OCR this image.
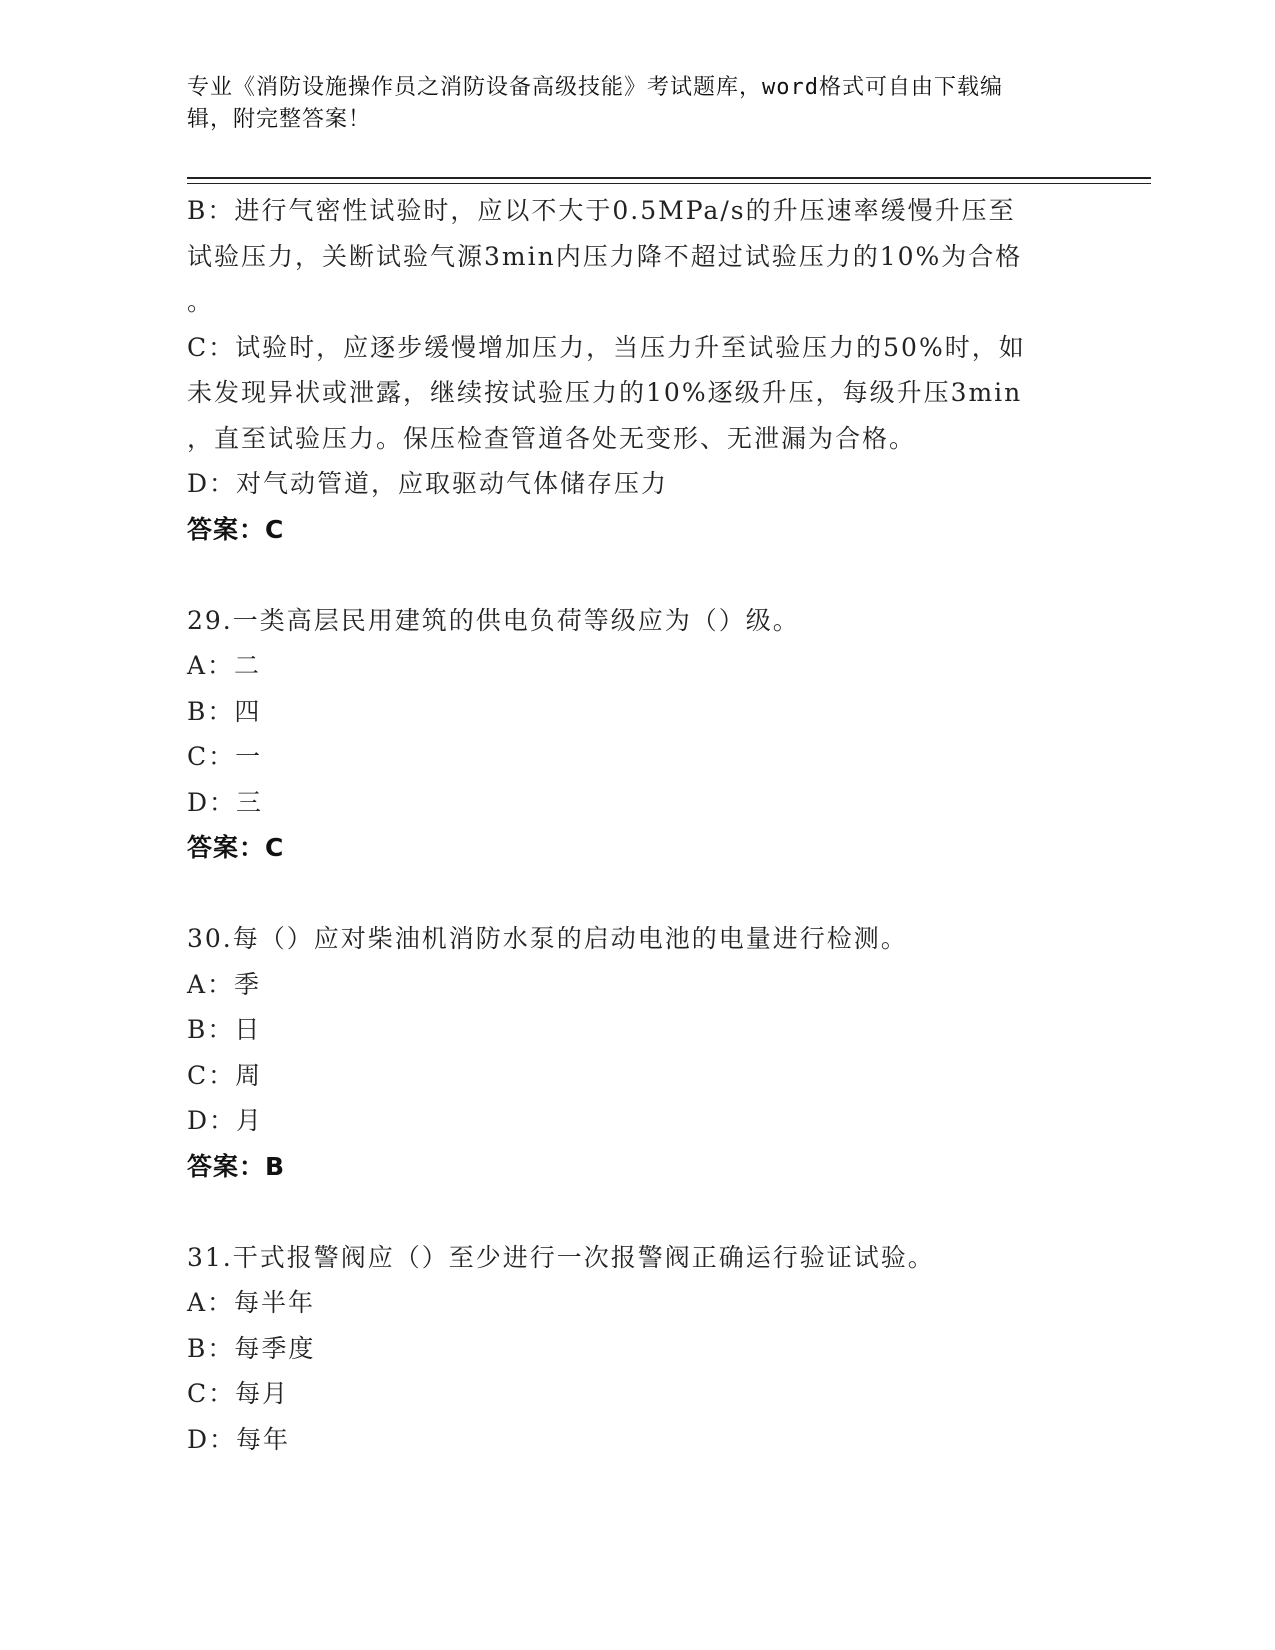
专业《消防设施操作员之消防设备高级技能》考试题库，word格式可自由下载编
辑，附完整答案！
B：进行气密性试验时，应以不大于0.5MPa/s的升压速率缓慢升压至
试验压力，关断试验气源3min内压力降不超过试验压力的10%为合格
。
C：试验时，应逐步缓慢增加压力，当压力升至试验压力的50%时，如
未发现异状或泄露，继续按试验压力的10%逐级升压，每级升压3min
，直至试验压力。保压检查管道各处无变形、无泄漏为合格。
D：对气动管道，应取驱动气体储存压力
答案：C
29.一类高层民用建筑的供电负荷等级应为（）级。
A：二
B：四
C：一
D：三
答案：C
30.每（）应对柴油机消防水泵的启动电池的电量进行检测。
A：季
B：日
C：周
D：月
答案：B
31.干式报警阀应（）至少进行一次报警阀正确运行验证试验。
A：每半年
B：每季度
C：每月
D：每年
